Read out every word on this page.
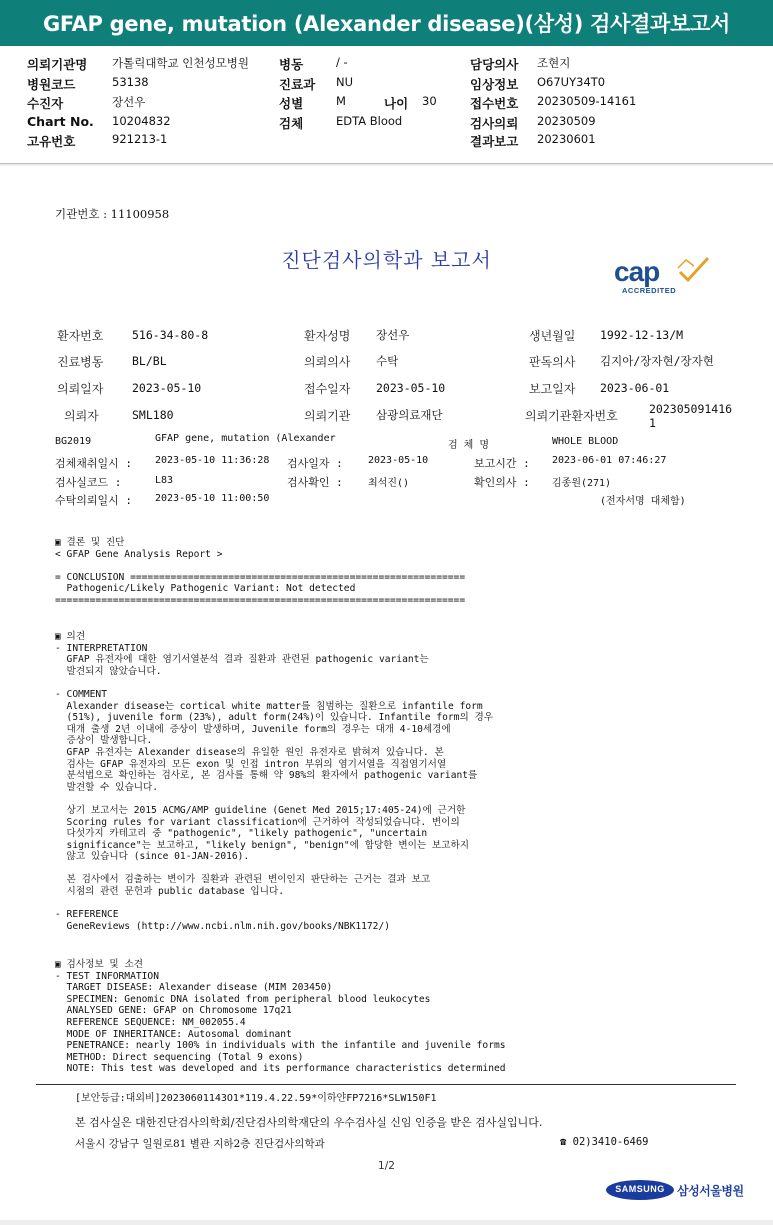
GFAP gene, mutation (Alexander disease)(삼성) 검사결과보고서
의뢰기관명 가톨릭대학교 인천성모병원 병동	/ -	담당의사 조현지
병원코드	53138	진료과 NU	임상정보 O67UY34T0
수진자	장선우	성별	M	나이 30	접수번호 20230509-14161
Chart No. 10204832	검체	EDTA Blood	검사의뢰 20230509
고유번호	921213-1	결과보고 20230601
기관번호 : 11100958
진단검사의학과 보고서	cap
ACCREDITED
환자번호 516-34-80-8	환자성명 장선우	생년월일 1992-12-13/M
진료병동 BL/BL	의뢰의사 수탁	판독의사 김지아/장자현/장자현
의뢰일자 2023-05-10	접수일자 2023-05-10	보고일자 2023-06-01
의뢰자	SML180	의뢰기관 삼광의료재단	의뢰기관환자번호	202305091416
1
BG2019	GFAP gene, mutation (Alexander
검 체 명	WHOLE BLOOD
검체채취일시 : 2023-05-10 11:36:28 검사일자 :	2023-05-10	보고시간 : 2023-06-01 07:46:27
검사실코드 :	L83	검사확인 :	최석진()	확인의사 : 김종원(271)
수탁의뢰일시 : 2023-05-10 11:00:50	(전자서명 대체함)
▣ 결론 및 진단
< GFAP Gene Analysis Report >

= CONCLUSION ==========================================================
Pathogenic/Likely Pathogenic Variant: Not detected
=======================================================================
▣ 의견
- INTERPRETATION
GFAP 유전자에 대한 염기서열분석 결과 질환과 관련된 pathogenic variant는
발견되지 않았습니다.

- COMMENT
Alexander disease는 cortical white matter를 침범하는 질환으로 infantile form
(51%), juvenile form (23%), adult form(24%)이 있습니다. Infantile form의 경우
대개 출생 2년 이내에 증상이 발생하며, Juvenile form의 경우는 대개 4-10세경에
증상이 발생합니다.
GFAP 유전자는 Alexander disease의 유일한 원인 유전자로 밝혀져 있습니다. 본
검사는 GFAP 유전자의 모든 exon 및 인접 intron 부위의 염기서열을 직접염기서열
분석법으로 확인하는 검사로, 본 검사를 통해 약 98%의 환자에서 pathogenic variant를
발견할 수 있습니다.

상기 보고서는 2015 ACMG/AMP guideline (Genet Med 2015;17:405-24)에 근거한
Scoring rules for variant classification에 근거하여 작성되었습니다. 변이의
다섯가지 카테고리 중 "pathogenic", "likely pathogenic", "uncertain
significance"는 보고하고, "likely benign", "benign"에 합당한 변이는 보고하지
않고 있습니다 (since 01-JAN-2016).

본 검사에서 검출하는 변이가 질환과 관련된 변이인지 판단하는 근거는 결과 보고
시점의 관련 문헌과 public database 입니다.

- REFERENCE
GeneReviews (http://www.ncbi.nlm.nih.gov/books/NBK1172/)
▣ 검사정보 및 소견
- TEST INFORMATION
TARGET DISEASE: Alexander disease (MIM 203450)
SPECIMEN: Genomic DNA isolated from peripheral blood leukocytes
ANALYSED GENE: GFAP on Chromosome 17q21
REFERENCE SEQUENCE: NM_002055.4
MODE OF INHERITANCE: Autosomal dominant
PENETRANCE: nearly 100% in individuals with the infantile and juvenile forms
METHOD: Direct sequencing (Total 9 exons)
NOTE: This test was developed and its performance characteristics determined
[보안등급:대외비]20230601143O1*119.4.22.59*이하얀FP7216*SLW150F1
본 검사실은 대한진단검사의학회/진단검사의학재단의 우수검사실 신임 인증을 받은 검사실입니다.
서울시 강남구 일원로81 별관 지하2층 진단검사의학과	☎ 02)3410-6469
1/2
SAMSUNG	삼성서울병원
